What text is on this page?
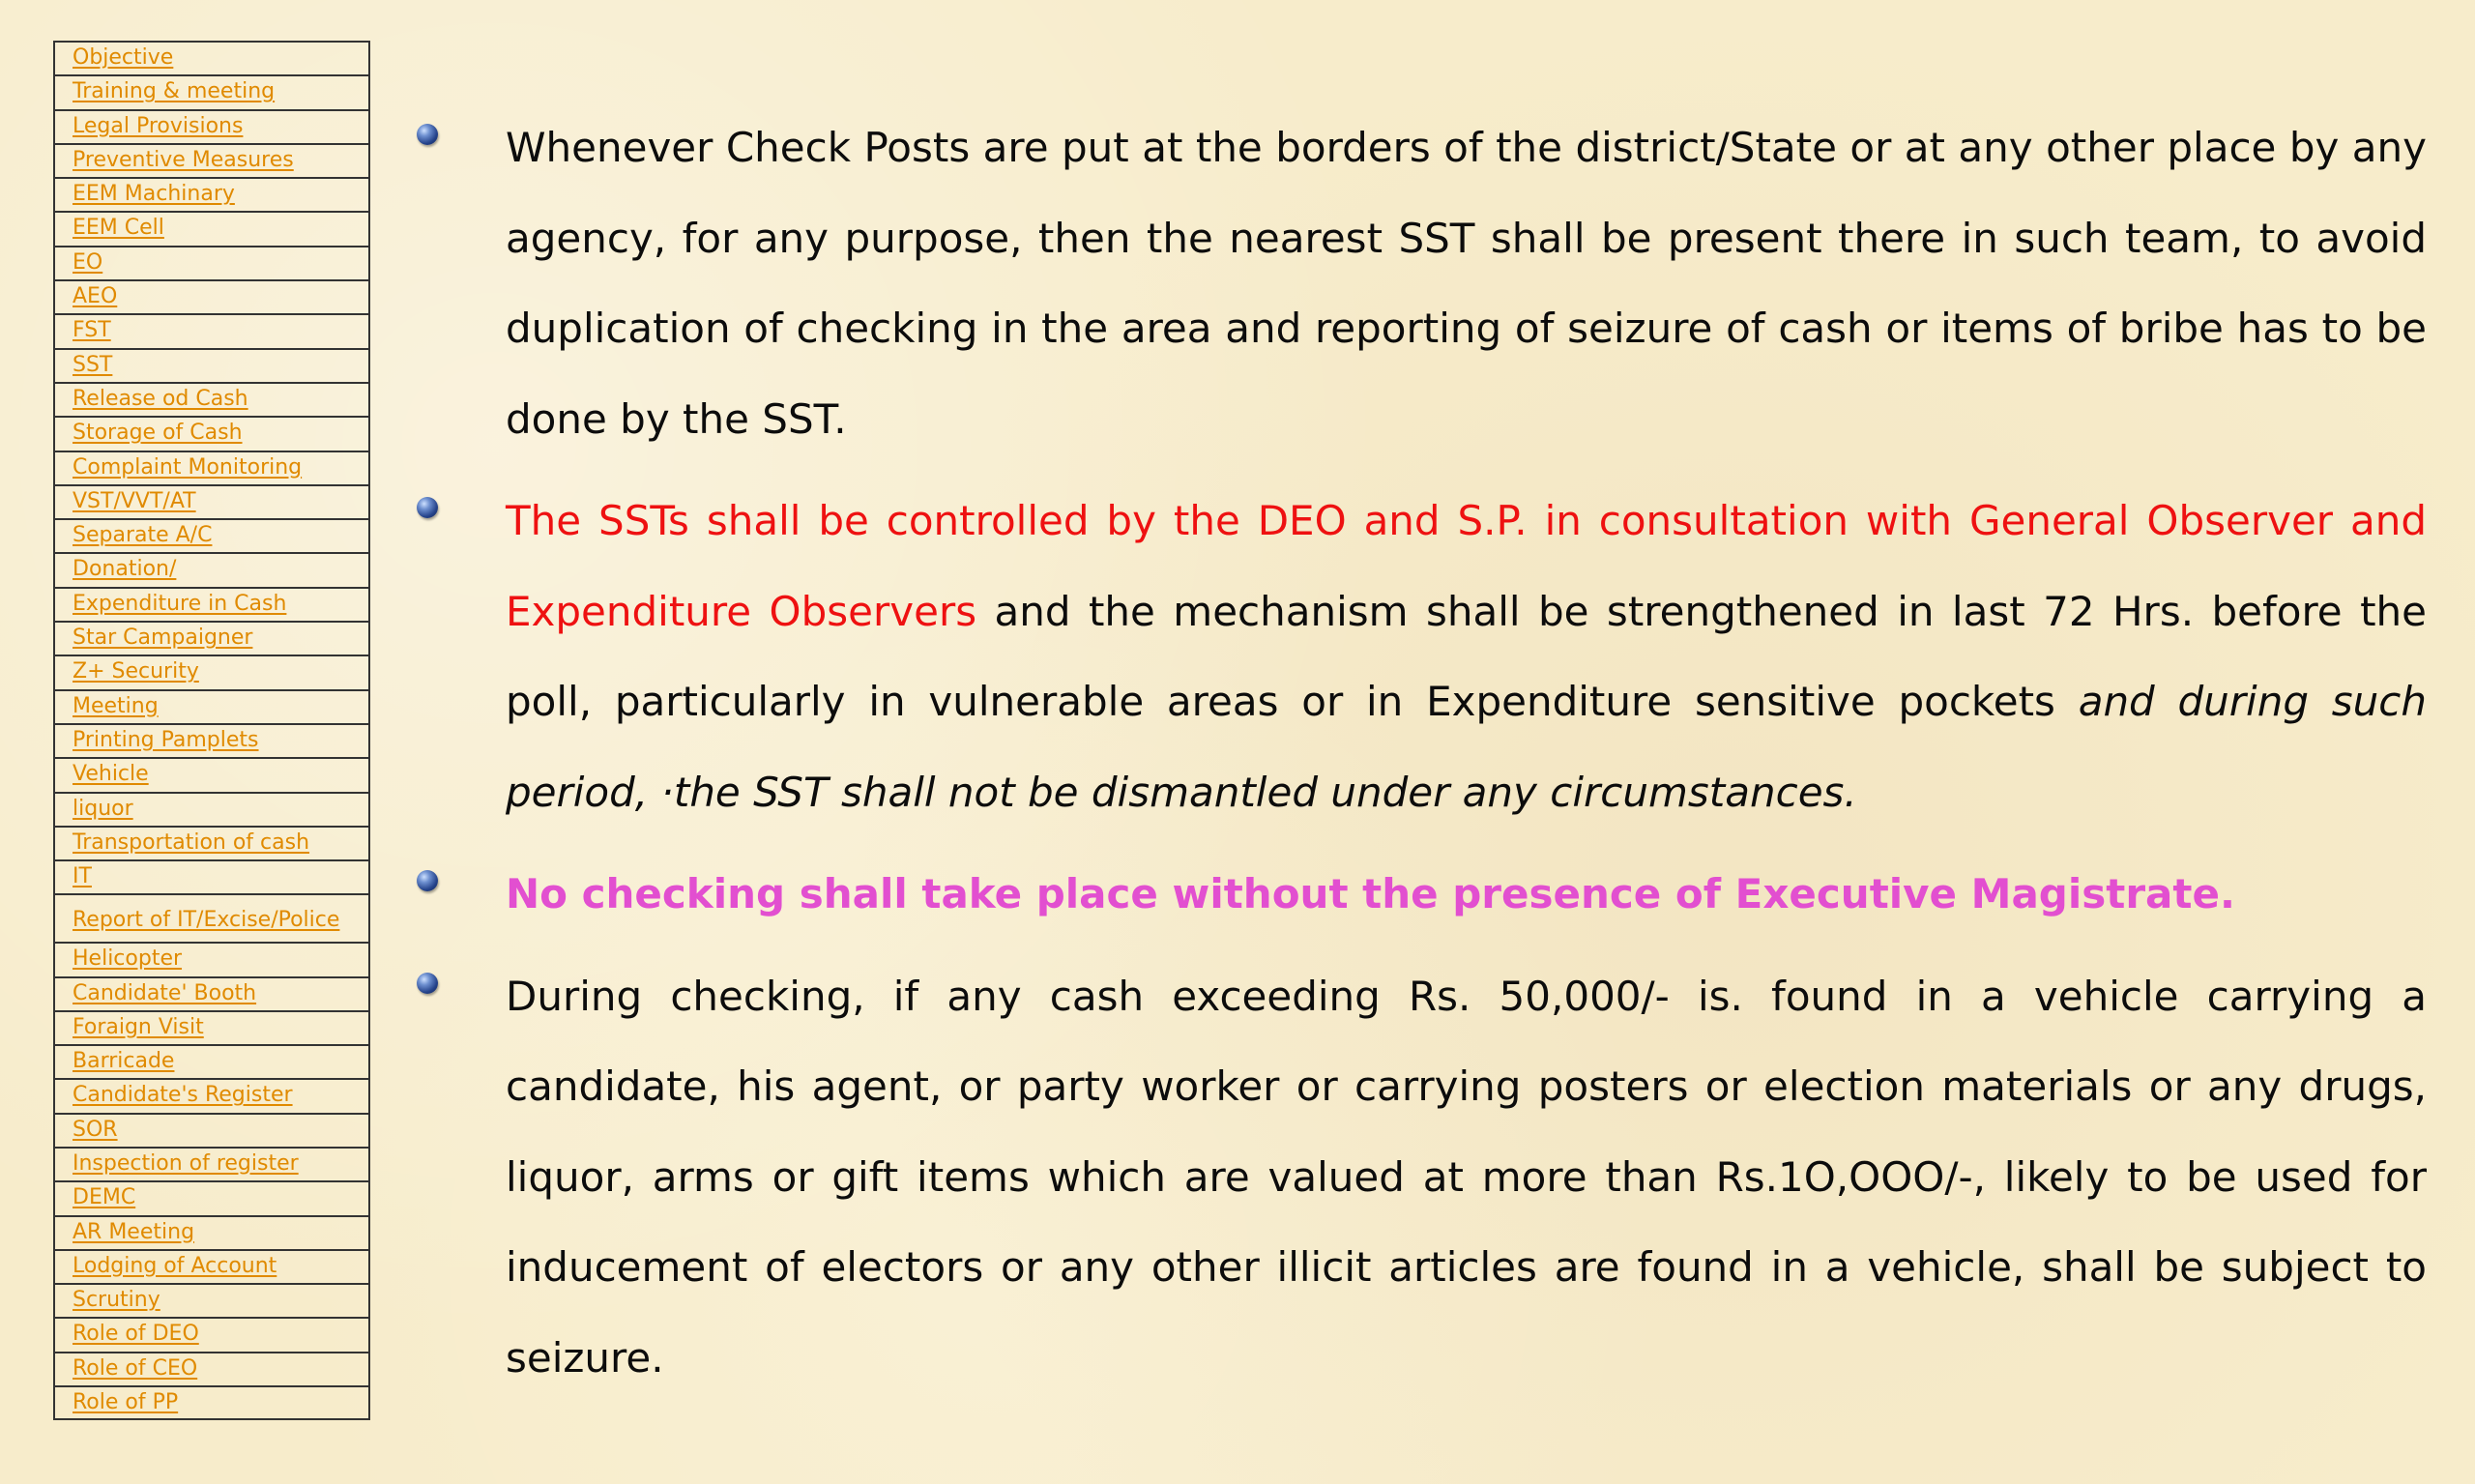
Objective
Training & meeting
Legal Provisions
Preventive Measures
EEM Machinary
EEM Cell
EO
AEO
FST
SST
Release od Cash
Storage of Cash
Complaint Monitoring
VST/VVT/AT
Separate A/C
Donation/
Expenditure in Cash
Star Campaigner
Z+ Security
Meeting
Printing Pamplets
Vehicle
liquor
Transportation of cash
IT
Report of IT/Excise/Police
Helicopter
Candidate' Booth
Foraign Visit
Barricade
Candidate's Register
SOR
Inspection of register
DEMC
AR Meeting
Lodging of Account
Scrutiny
Role of DEO
Role of CEO
Role of PP

Whenever Check Posts are put at the borders of the district/State or at any other place by any agency, for any purpose, then the nearest SST shall be present there in such team, to avoid duplication of checking in the area and reporting of seizure of cash or items of bribe has to be done by the SST.

The SSTs shall be controlled by the DEO and S.P. in consultation with General Observer and Expenditure Observers and the mechanism shall be strengthened in last 72 Hrs. before the poll, particularly in vulnerable areas or in Expenditure sensitive pockets and during such period, ·the SST shall not be dismantled under any circumstances.

No checking shall take place without the presence of Executive Magistrate.

During checking, if any cash exceeding Rs. 50,000/- is. found in a vehicle carrying a candidate, his agent, or party worker or carrying posters or election materials or any drugs, liquor, arms or gift items which are valued at more than Rs.1O,OOO/-, likely to be used for inducement of electors or any other illicit articles are found in a vehicle, shall be subject to seizure.
